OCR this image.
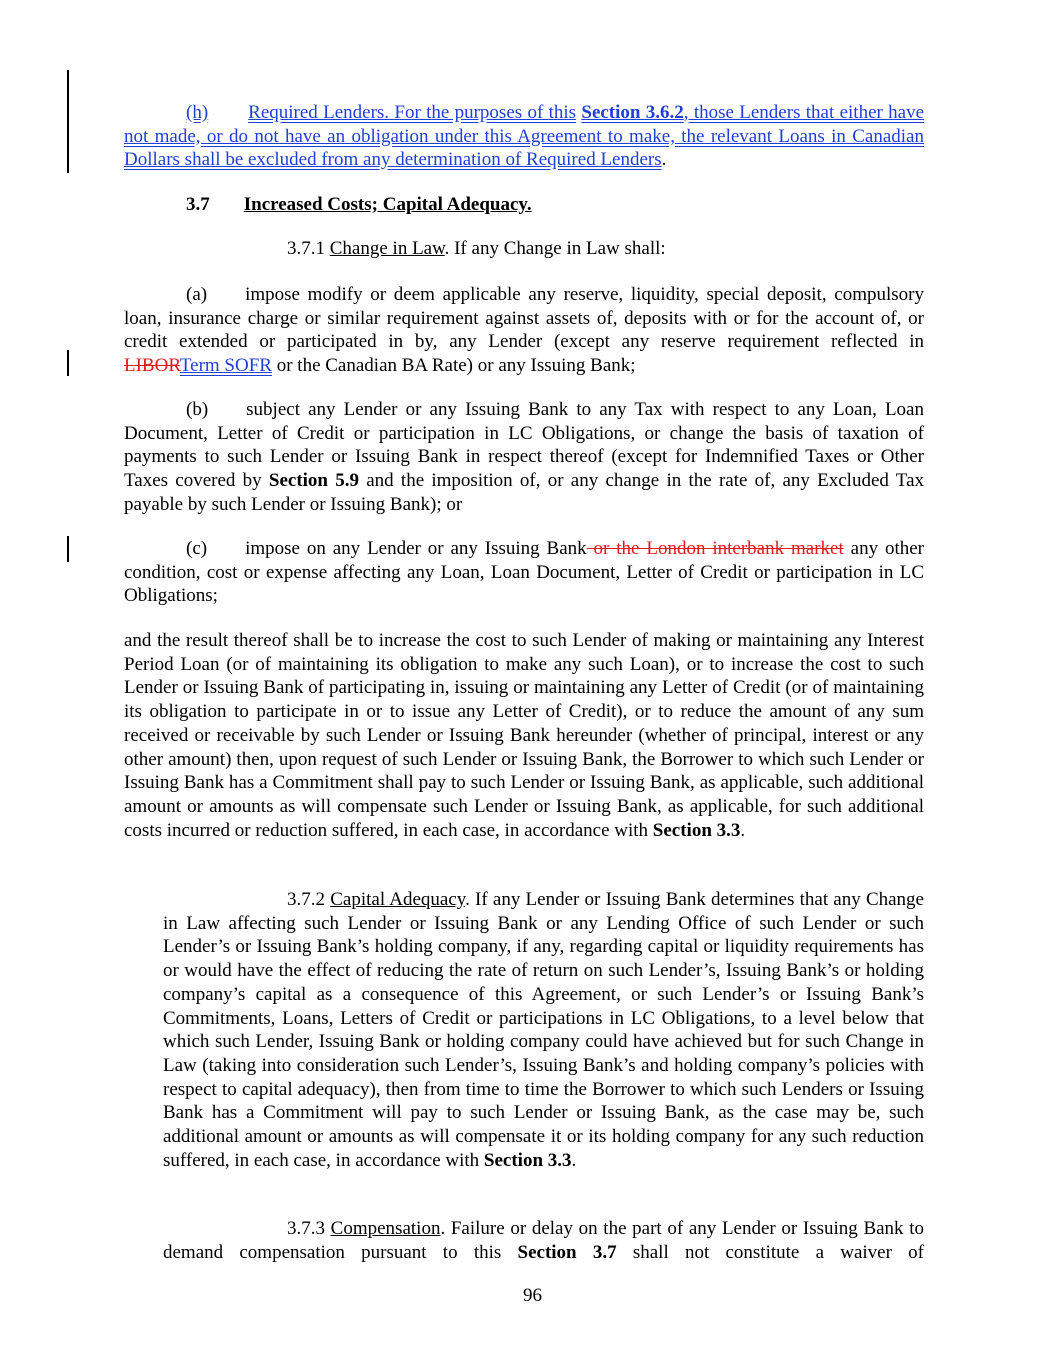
(h) Required Lenders. For the purposes of this Section 3.6.2, those Lenders that either have not made, or do not have an obligation under this Agreement to make, the relevant Loans in Canadian Dollars shall be excluded from any determination of Required Lenders.

3.7 Increased Costs; Capital Adequacy.

3.7.1 Change in Law. If any Change in Law shall:

(a) impose modify or deem applicable any reserve, liquidity, special deposit, compulsory loan, insurance charge or similar requirement against assets of, deposits with or for the account of, or credit extended or participated in by, any Lender (except any reserve requirement reflected in LIBORTerm SOFR or the Canadian BA Rate) or any Issuing Bank;

(b) subject any Lender or any Issuing Bank to any Tax with respect to any Loan, Loan Document, Letter of Credit or participation in LC Obligations, or change the basis of taxation of payments to such Lender or Issuing Bank in respect thereof (except for Indemnified Taxes or Other Taxes covered by Section 5.9 and the imposition of, or any change in the rate of, any Excluded Tax payable by such Lender or Issuing Bank); or

(c) impose on any Lender or any Issuing Bank or the London interbank market any other condition, cost or expense affecting any Loan, Loan Document, Letter of Credit or participation in LC Obligations;

and the result thereof shall be to increase the cost to such Lender of making or maintaining any Interest Period Loan (or of maintaining its obligation to make any such Loan), or to increase the cost to such Lender or Issuing Bank of participating in, issuing or maintaining any Letter of Credit (or of maintaining its obligation to participate in or to issue any Letter of Credit), or to reduce the amount of any sum received or receivable by such Lender or Issuing Bank hereunder (whether of principal, interest or any other amount) then, upon request of such Lender or Issuing Bank, the Borrower to which such Lender or Issuing Bank has a Commitment shall pay to such Lender or Issuing Bank, as applicable, such additional amount or amounts as will compensate such Lender or Issuing Bank, as applicable, for such additional costs incurred or reduction suffered, in each case, in accordance with Section 3.3.

3.7.2 Capital Adequacy. If any Lender or Issuing Bank determines that any Change in Law affecting such Lender or Issuing Bank or any Lending Office of such Lender or such Lender’s or Issuing Bank’s holding company, if any, regarding capital or liquidity requirements has or would have the effect of reducing the rate of return on such Lender’s, Issuing Bank’s or holding company’s capital as a consequence of this Agreement, or such Lender’s or Issuing Bank’s Commitments, Loans, Letters of Credit or participations in LC Obligations, to a level below that which such Lender, Issuing Bank or holding company could have achieved but for such Change in Law (taking into consideration such Lender’s, Issuing Bank’s and holding company’s policies with respect to capital adequacy), then from time to time the Borrower to which such Lenders or Issuing Bank has a Commitment will pay to such Lender or Issuing Bank, as the case may be, such additional amount or amounts as will compensate it or its holding company for any such reduction suffered, in each case, in accordance with Section 3.3.

3.7.3 Compensation. Failure or delay on the part of any Lender or Issuing Bank to demand compensation pursuant to this Section 3.7 shall not constitute a waiver of

96
